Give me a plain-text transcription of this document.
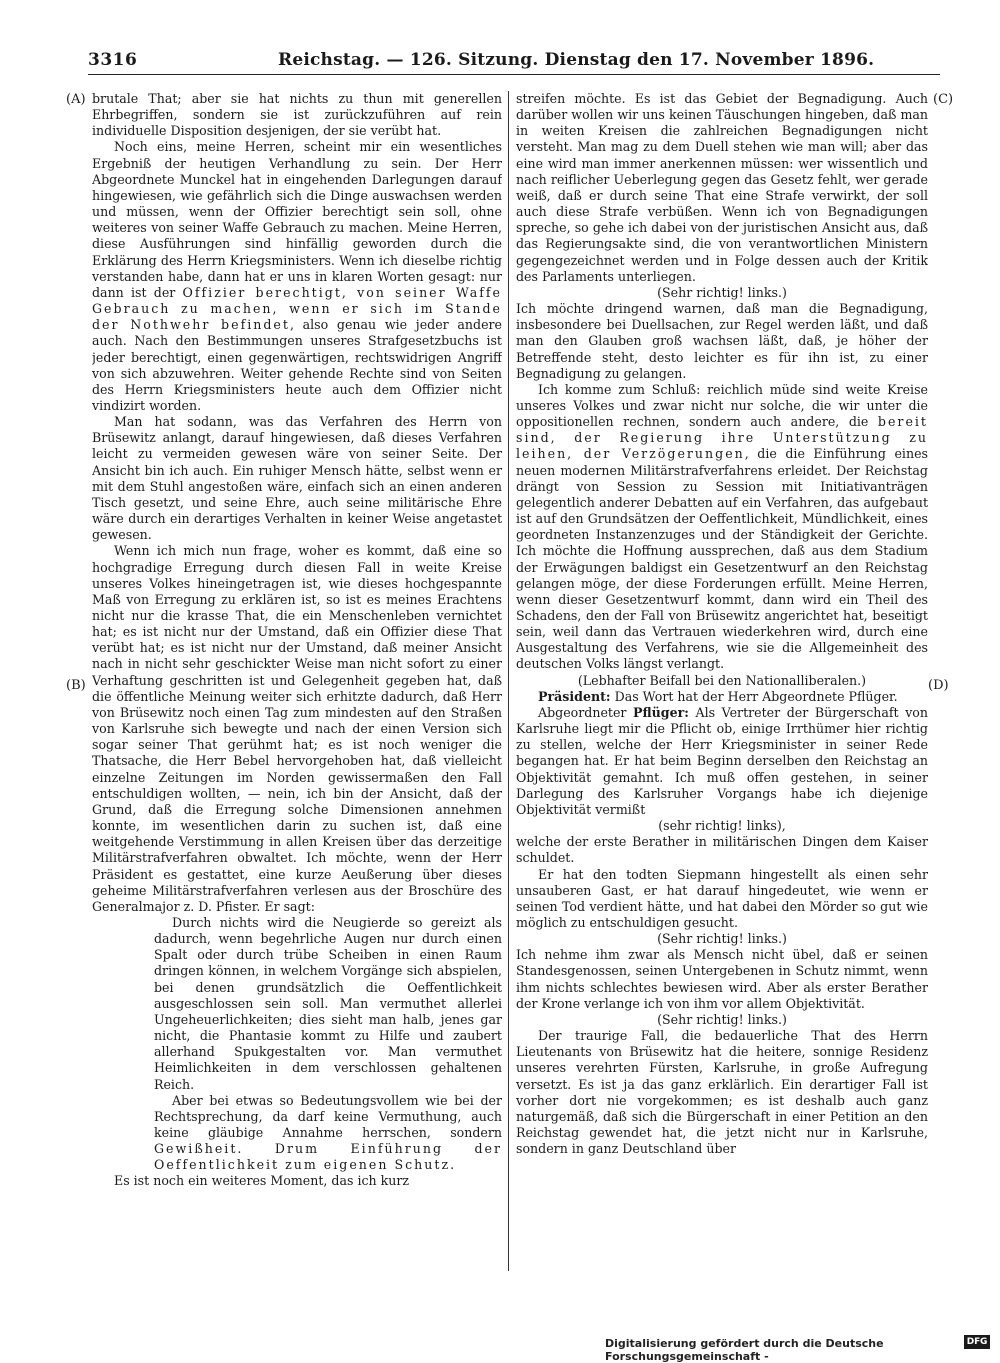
3316	Reichstag. — 126. Sitzung. Dienstag den 17. November 1896.
(A)
(B)
(C)
(D)

brutale That; aber sie hat nichts zu thun mit generellen Ehrbegriffen, sondern sie ist zurückzuführen auf rein individuelle Disposition desjenigen, der sie verübt hat.

Noch eins, meine Herren, scheint mir ein wesentliches Ergebniß der heutigen Verhandlung zu sein. Der Herr Abgeordnete Munckel hat in eingehenden Darlegungen darauf hingewiesen, wie gefährlich sich die Dinge auswachsen werden und müssen, wenn der Offizier berechtigt sein soll, ohne weiteres von seiner Waffe Gebrauch zu machen. Meine Herren, diese Ausführungen sind hinfällig geworden durch die Erklärung des Herrn Kriegsministers. Wenn ich dieselbe richtig verstanden habe, dann hat er uns in klaren Worten gesagt: nur dann ist der Offizier berechtigt, von seiner Waffe Gebrauch zu machen, wenn er sich im Stande der Nothwehr befindet, also genau wie jeder andere auch. Nach den Bestimmungen unseres Strafgesetzbuchs ist jeder berechtigt, einen gegenwärtigen, rechtswidrigen Angriff von sich abzuwehren. Weiter gehende Rechte sind von Seiten des Herrn Kriegsministers heute auch dem Offizier nicht vindizirt worden.

Man hat sodann, was das Verfahren des Herrn von Brüsewitz anlangt, darauf hingewiesen, daß dieses Verfahren leicht zu vermeiden gewesen wäre von seiner Seite. Der Ansicht bin ich auch. Ein ruhiger Mensch hätte, selbst wenn er mit dem Stuhl angestoßen wäre, einfach sich an einen anderen Tisch gesetzt, und seine Ehre, auch seine militärische Ehre wäre durch ein derartiges Verhalten in keiner Weise angetastet gewesen.

Wenn ich mich nun frage, woher es kommt, daß eine so hochgradige Erregung durch diesen Fall in weite Kreise unseres Volkes hineingetragen ist, wie dieses hochgespannte Maß von Erregung zu erklären ist, so ist es meines Erachtens nicht nur die krasse That, die ein Menschenleben vernichtet hat; es ist nicht nur der Umstand, daß ein Offizier diese That verübt hat; es ist nicht nur der Umstand, daß meiner Ansicht nach in nicht sehr geschickter Weise man nicht sofort zu einer Verhaftung geschritten ist und Gelegenheit gegeben hat, daß die öffentliche Meinung weiter sich erhitzte dadurch, daß Herr von Brüsewitz noch einen Tag zum mindesten auf den Straßen von Karlsruhe sich bewegte und nach der einen Version sich sogar seiner That gerühmt hat; es ist noch weniger die Thatsache, die Herr Bebel hervorgehoben hat, daß vielleicht einzelne Zeitungen im Norden gewissermaßen den Fall entschuldigen wollten, — nein, ich bin der Ansicht, daß der Grund, daß die Erregung solche Dimensionen annehmen konnte, im wesentlichen darin zu suchen ist, daß eine weitgehende Verstimmung in allen Kreisen über das derzeitige Militärstrafverfahren obwaltet. Ich möchte, wenn der Herr Präsident es gestattet, eine kurze Aeußerung über dieses geheime Militärstrafverfahren verlesen aus der Broschüre des Generalmajor z. D. Pfister. Er sagt:

Durch nichts wird die Neugierde so gereizt als dadurch, wenn begehrliche Augen nur durch einen Spalt oder durch trübe Scheiben in einen Raum dringen können, in welchem Vorgänge sich abspielen, bei denen grundsätzlich die Oeffentlichkeit ausgeschlossen sein soll. Man vermuthet allerlei Ungeheuerlichkeiten; dies sieht man halb, jenes gar nicht, die Phantasie kommt zu Hilfe und zaubert allerhand Spukgestalten vor. Man vermuthet Heimlichkeiten in dem verschlossen gehaltenen Reich.

Aber bei etwas so Bedeutungsvollem wie bei der Rechtsprechung, da darf keine Vermuthung, auch keine gläubige Annahme herrschen, sondern Gewißheit. Drum Einführung der Oeffentlichkeit zum eigenen Schutz.

Es ist noch ein weiteres Moment, das ich kurz

streifen möchte. Es ist das Gebiet der Begnadigung. Auch darüber wollen wir uns keinen Täuschungen hingeben, daß man in weiten Kreisen die zahlreichen Begnadigungen nicht versteht. Man mag zu dem Duell stehen wie man will; aber das eine wird man immer anerkennen müssen: wer wissentlich und nach reiflicher Ueberlegung gegen das Gesetz fehlt, wer gerade weiß, daß er durch seine That eine Strafe verwirkt, der soll auch diese Strafe verbüßen. Wenn ich von Begnadigungen spreche, so gehe ich dabei von der juristischen Ansicht aus, daß das Regierungsakte sind, die von verantwortlichen Ministern gegengezeichnet werden und in Folge dessen auch der Kritik des Parlaments unterliegen.

(Sehr richtig! links.)

Ich möchte dringend warnen, daß man die Begnadigung, insbesondere bei Duellsachen, zur Regel werden läßt, und daß man den Glauben groß wachsen läßt, daß, je höher der Betreffende steht, desto leichter es für ihn ist, zu einer Begnadigung zu gelangen.

Ich komme zum Schluß: reichlich müde sind weite Kreise unseres Volkes und zwar nicht nur solche, die wir unter die oppositionellen rechnen, sondern auch andere, die bereit sind, der Regierung ihre Unterstützung zu leihen, der Verzögerungen, die die Einführung eines neuen modernen Militärstrafverfahrens erleidet. Der Reichstag drängt von Session zu Session mit Initiativanträgen gelegentlich anderer Debatten auf ein Verfahren, das aufgebaut ist auf den Grundsätzen der Oeffentlichkeit, Mündlichkeit, eines geordneten Instanzenzuges und der Ständigkeit der Gerichte. Ich möchte die Hoffnung aussprechen, daß aus dem Stadium der Erwägungen baldigst ein Gesetzentwurf an den Reichstag gelangen möge, der diese Forderungen erfüllt. Meine Herren, wenn dieser Gesetzentwurf kommt, dann wird ein Theil des Schadens, den der Fall von Brüsewitz angerichtet hat, beseitigt sein, weil dann das Vertrauen wiederkehren wird, durch eine Ausgestaltung des Verfahrens, wie sie die Allgemeinheit des deutschen Volks längst verlangt.

(Lebhafter Beifall bei den Nationalliberalen.)

Präsident: Das Wort hat der Herr Abgeordnete Pflüger.

Abgeordneter Pflüger: Als Vertreter der Bürgerschaft von Karlsruhe liegt mir die Pflicht ob, einige Irrthümer hier richtig zu stellen, welche der Herr Kriegsminister in seiner Rede begangen hat. Er hat beim Beginn derselben den Reichstag an Objektivität gemahnt. Ich muß offen gestehen, in seiner Darlegung des Karlsruher Vorgangs habe ich diejenige Objektivität vermißt

(sehr richtig! links),

welche der erste Berather in militärischen Dingen dem Kaiser schuldet.

Er hat den todten Siepmann hingestellt als einen sehr unsauberen Gast, er hat darauf hingedeutet, wie wenn er seinen Tod verdient hätte, und hat dabei den Mörder so gut wie möglich zu entschuldigen gesucht.

(Sehr richtig! links.)

Ich nehme ihm zwar als Mensch nicht übel, daß er seinen Standesgenossen, seinen Untergebenen in Schutz nimmt, wenn ihm nichts schlechtes bewiesen wird. Aber als erster Berather der Krone verlange ich von ihm vor allem Objektivität.

(Sehr richtig! links.)

Der traurige Fall, die bedauerliche That des Herrn Lieutenants von Brüsewitz hat die heitere, sonnige Residenz unseres verehrten Fürsten, Karlsruhe, in große Aufregung versetzt. Es ist ja das ganz erklärlich. Ein derartiger Fall ist vorher dort nie vorgekommen; es ist deshalb auch ganz naturgemäß, daß sich die Bürgerschaft in einer Petition an den Reichstag gewendet hat, die jetzt nicht nur in Karlsruhe, sondern in ganz Deutschland über

Digitalisierung gefördert durch die Deutsche Forschungsgemeinschaft -
DFG
